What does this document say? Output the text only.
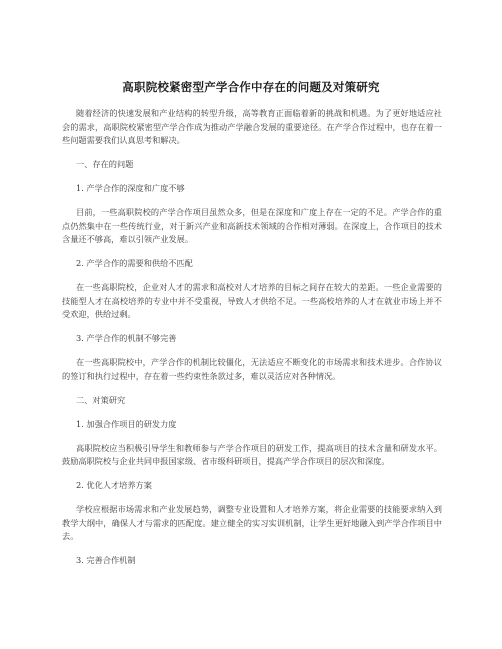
高职院校紧密型产学合作中存在的问题及对策研究

随着经济的快速发展和产业结构的转型升级，高等教育正面临着新的挑战和机遇。为了更好地适应社会的需求，高职院校紧密型产学合作成为推动产学融合发展的重要途径。在产学合作过程中，也存在着一些问题需要我们认真思考和解决。

一、存在的问题

1. 产学合作的深度和广度不够

目前，一些高职院校的产学合作项目虽然众多，但是在深度和广度上存在一定的不足。产学合作的重点仍然集中在一些传统行业，对于新兴产业和高新技术领域的合作相对薄弱。在深度上，合作项目的技术含量还不够高，难以引领产业发展。

2. 产学合作的需要和供给不匹配

在一些高职院校，企业对人才的需求和高校对人才培养的目标之间存在较大的差距。一些企业需要的技能型人才在高校培养的专业中并不受重视，导致人才供给不足。一些高校培养的人才在就业市场上并不受欢迎，供给过剩。

3. 产学合作的机制不够完善

在一些高职院校中，产学合作的机制比较僵化，无法适应不断变化的市场需求和技术进步。合作协议的签订和执行过程中，存在着一些约束性条款过多，难以灵活应对各种情况。

二、对策研究

1. 加强合作项目的研发力度

高职院校应当积极引导学生和教师参与产学合作项目的研发工作，提高项目的技术含量和研发水平。鼓励高职院校与企业共同申报国家级、省市级科研项目，提高产学合作项目的层次和深度。

2. 优化人才培养方案

学校应根据市场需求和产业发展趋势，调整专业设置和人才培养方案，将企业需要的技能要求纳入到教学大纲中，确保人才与需求的匹配度。建立健全的实习实训机制，让学生更好地融入到产学合作项目中去。

3. 完善合作机制
